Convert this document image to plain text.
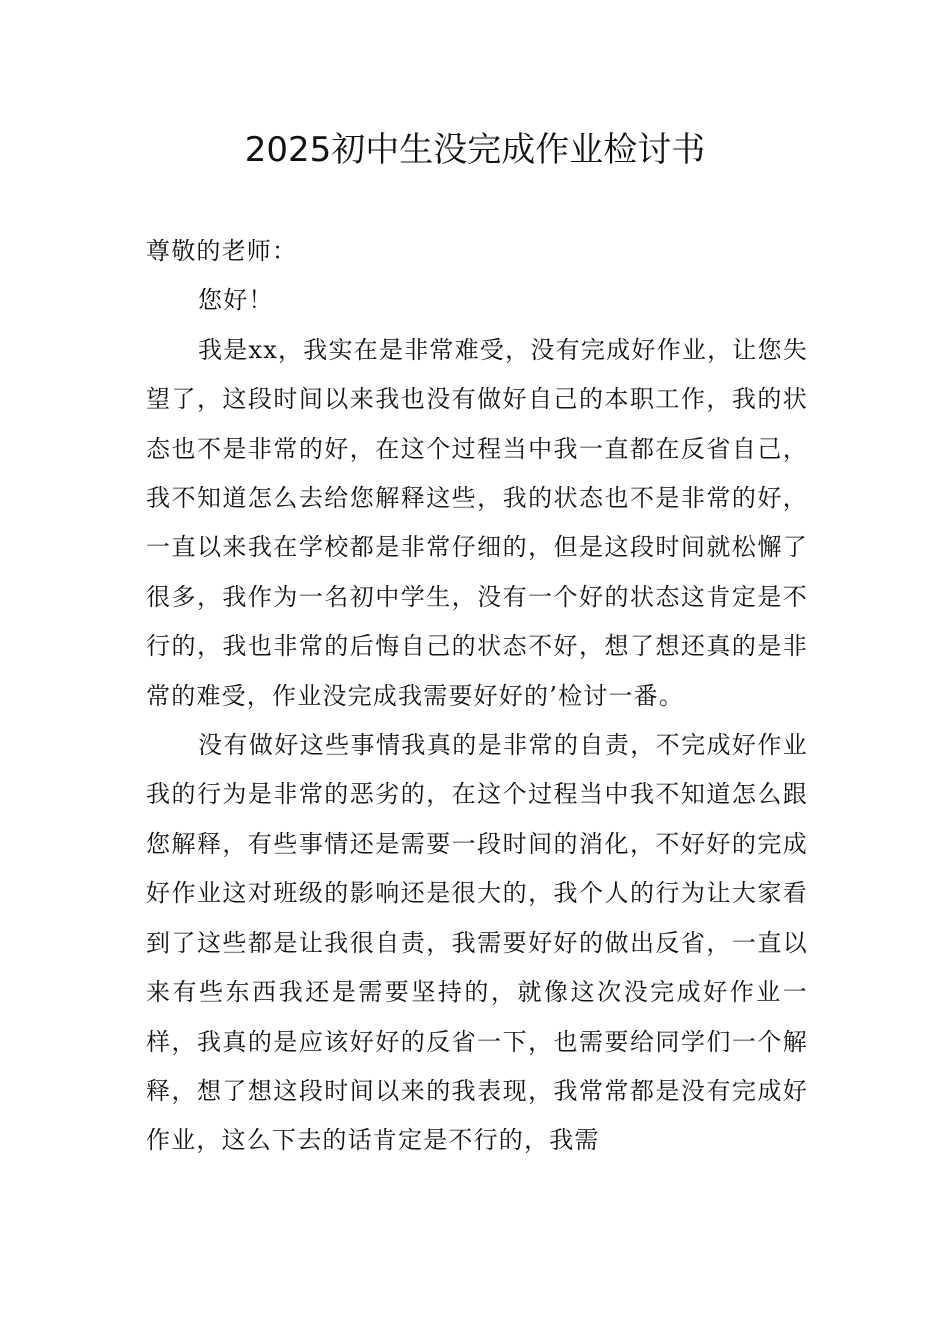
2025初中生没完成作业检讨书

尊敬的老师：

您好！

我是xx，我实在是非常难受，没有完成好作业，让您失望了，这段时间以来我也没有做好自己的本职工作，我的状态也不是非常的好，在这个过程当中我一直都在反省自己，我不知道怎么去给您解释这些，我的状态也不是非常的好，一直以来我在学校都是非常仔细的，但是这段时间就松懈了很多，我作为一名初中学生，没有一个好的状态这肯定是不行的，我也非常的后悔自己的状态不好，想了想还真的是非常的难受，作业没完成我需要好好的’检讨一番。

没有做好这些事情我真的是非常的自责，不完成好作业我的行为是非常的恶劣的，在这个过程当中我不知道怎么跟您解释，有些事情还是需要一段时间的消化，不好好的完成好作业这对班级的影响还是很大的，我个人的行为让大家看到了这些都是让我很自责，我需要好好的做出反省，一直以来有些东西我还是需要坚持的，就像这次没完成好作业一样，我真的是应该好好的反省一下，也需要给同学们一个解释，想了想这段时间以来的我表现，我常常都是没有完成好作业，这么下去的话肯定是不行的，我需
